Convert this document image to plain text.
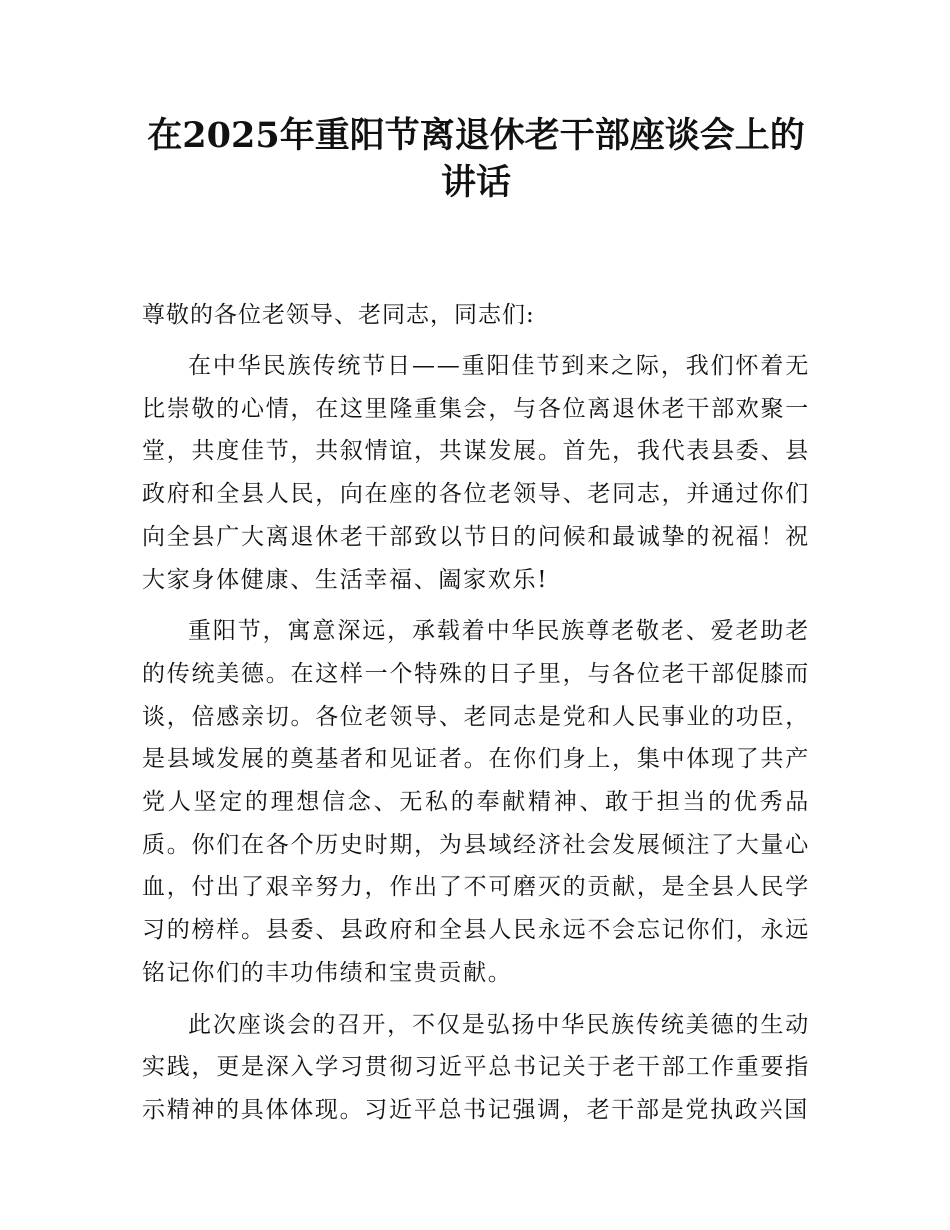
在2025年重阳节离退休老干部座谈会上的讲话

尊敬的各位老领导、老同志，同志们:

在中华民族传统节日——重阳佳节到来之际，我们怀着无比崇敬的心情，在这里隆重集会，与各位离退休老干部欢聚一堂，共度佳节，共叙情谊，共谋发展。首先，我代表县委、县政府和全县人民，向在座的各位老领导、老同志，并通过你们向全县广大离退休老干部致以节日的问候和最诚挚的祝福！祝大家身体健康、生活幸福、阖家欢乐!

重阳节，寓意深远，承载着中华民族尊老敬老、爱老助老的传统美德。在这样一个特殊的日子里，与各位老干部促膝而谈，倍感亲切。各位老领导、老同志是党和人民事业的功臣，是县域发展的奠基者和见证者。在你们身上，集中体现了共产党人坚定的理想信念、无私的奉献精神、敢于担当的优秀品质。你们在各个历史时期，为县域经济社会发展倾注了大量心血，付出了艰辛努力，作出了不可磨灭的贡献，是全县人民学习的榜样。县委、县政府和全县人民永远不会忘记你们，永远铭记你们的丰功伟绩和宝贵贡献。

此次座谈会的召开，不仅是弘扬中华民族传统美德的生动实践，更是深入学习贯彻习近平总书记关于老干部工作重要指示精神的具体体现。习近平总书记强调，老干部是党执政兴国
